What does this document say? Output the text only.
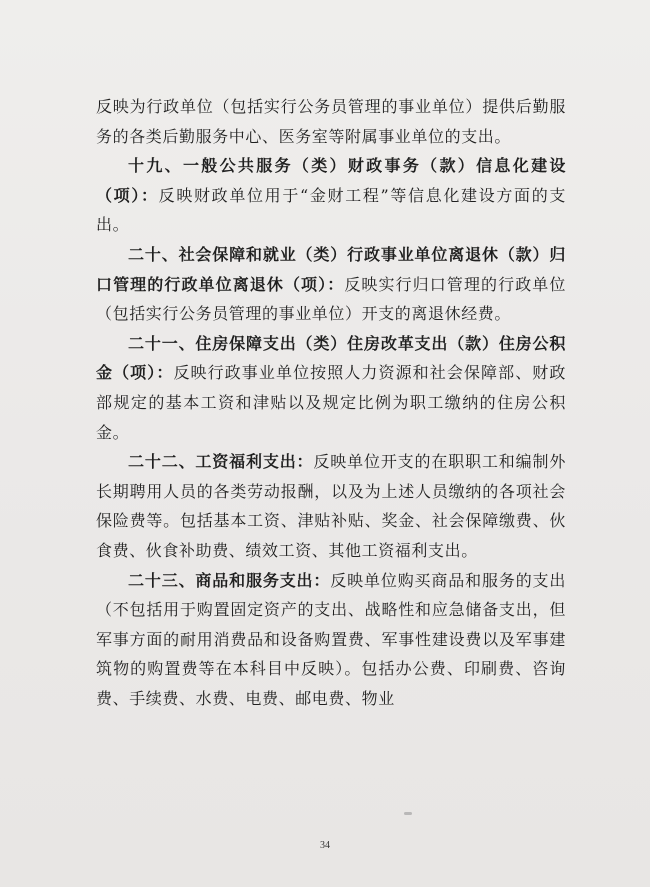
反映为行政单位（包括实行公务员管理的事业单位）提供后勤服务的各类后勤服务中心、医务室等附属事业单位的支出。

十九、一般公共服务（类）财政事务（款）信息化建设（项）：反映财政单位用于“金财工程”等信息化建设方面的支出。

二十、社会保障和就业（类）行政事业单位离退休（款）归口管理的行政单位离退休（项）：反映实行归口管理的行政单位（包括实行公务员管理的事业单位）开支的离退休经费。

二十一、住房保障支出（类）住房改革支出（款）住房公积金（项）：反映行政事业单位按照人力资源和社会保障部、财政部规定的基本工资和津贴以及规定比例为职工缴纳的住房公积金。

二十二、工资福利支出：反映单位开支的在职职工和编制外长期聘用人员的各类劳动报酬，以及为上述人员缴纳的各项社会保险费等。包括基本工资、津贴补贴、奖金、社会保障缴费、伙食费、伙食补助费、绩效工资、其他工资福利支出。

二十三、商品和服务支出：反映单位购买商品和服务的支出（不包括用于购置固定资产的支出、战略性和应急储备支出，但军事方面的耐用消费品和设备购置费、军事性建设费以及军事建筑物的购置费等在本科目中反映）。包括办公费、印刷费、咨询费、手续费、水费、电费、邮电费、物业

34
